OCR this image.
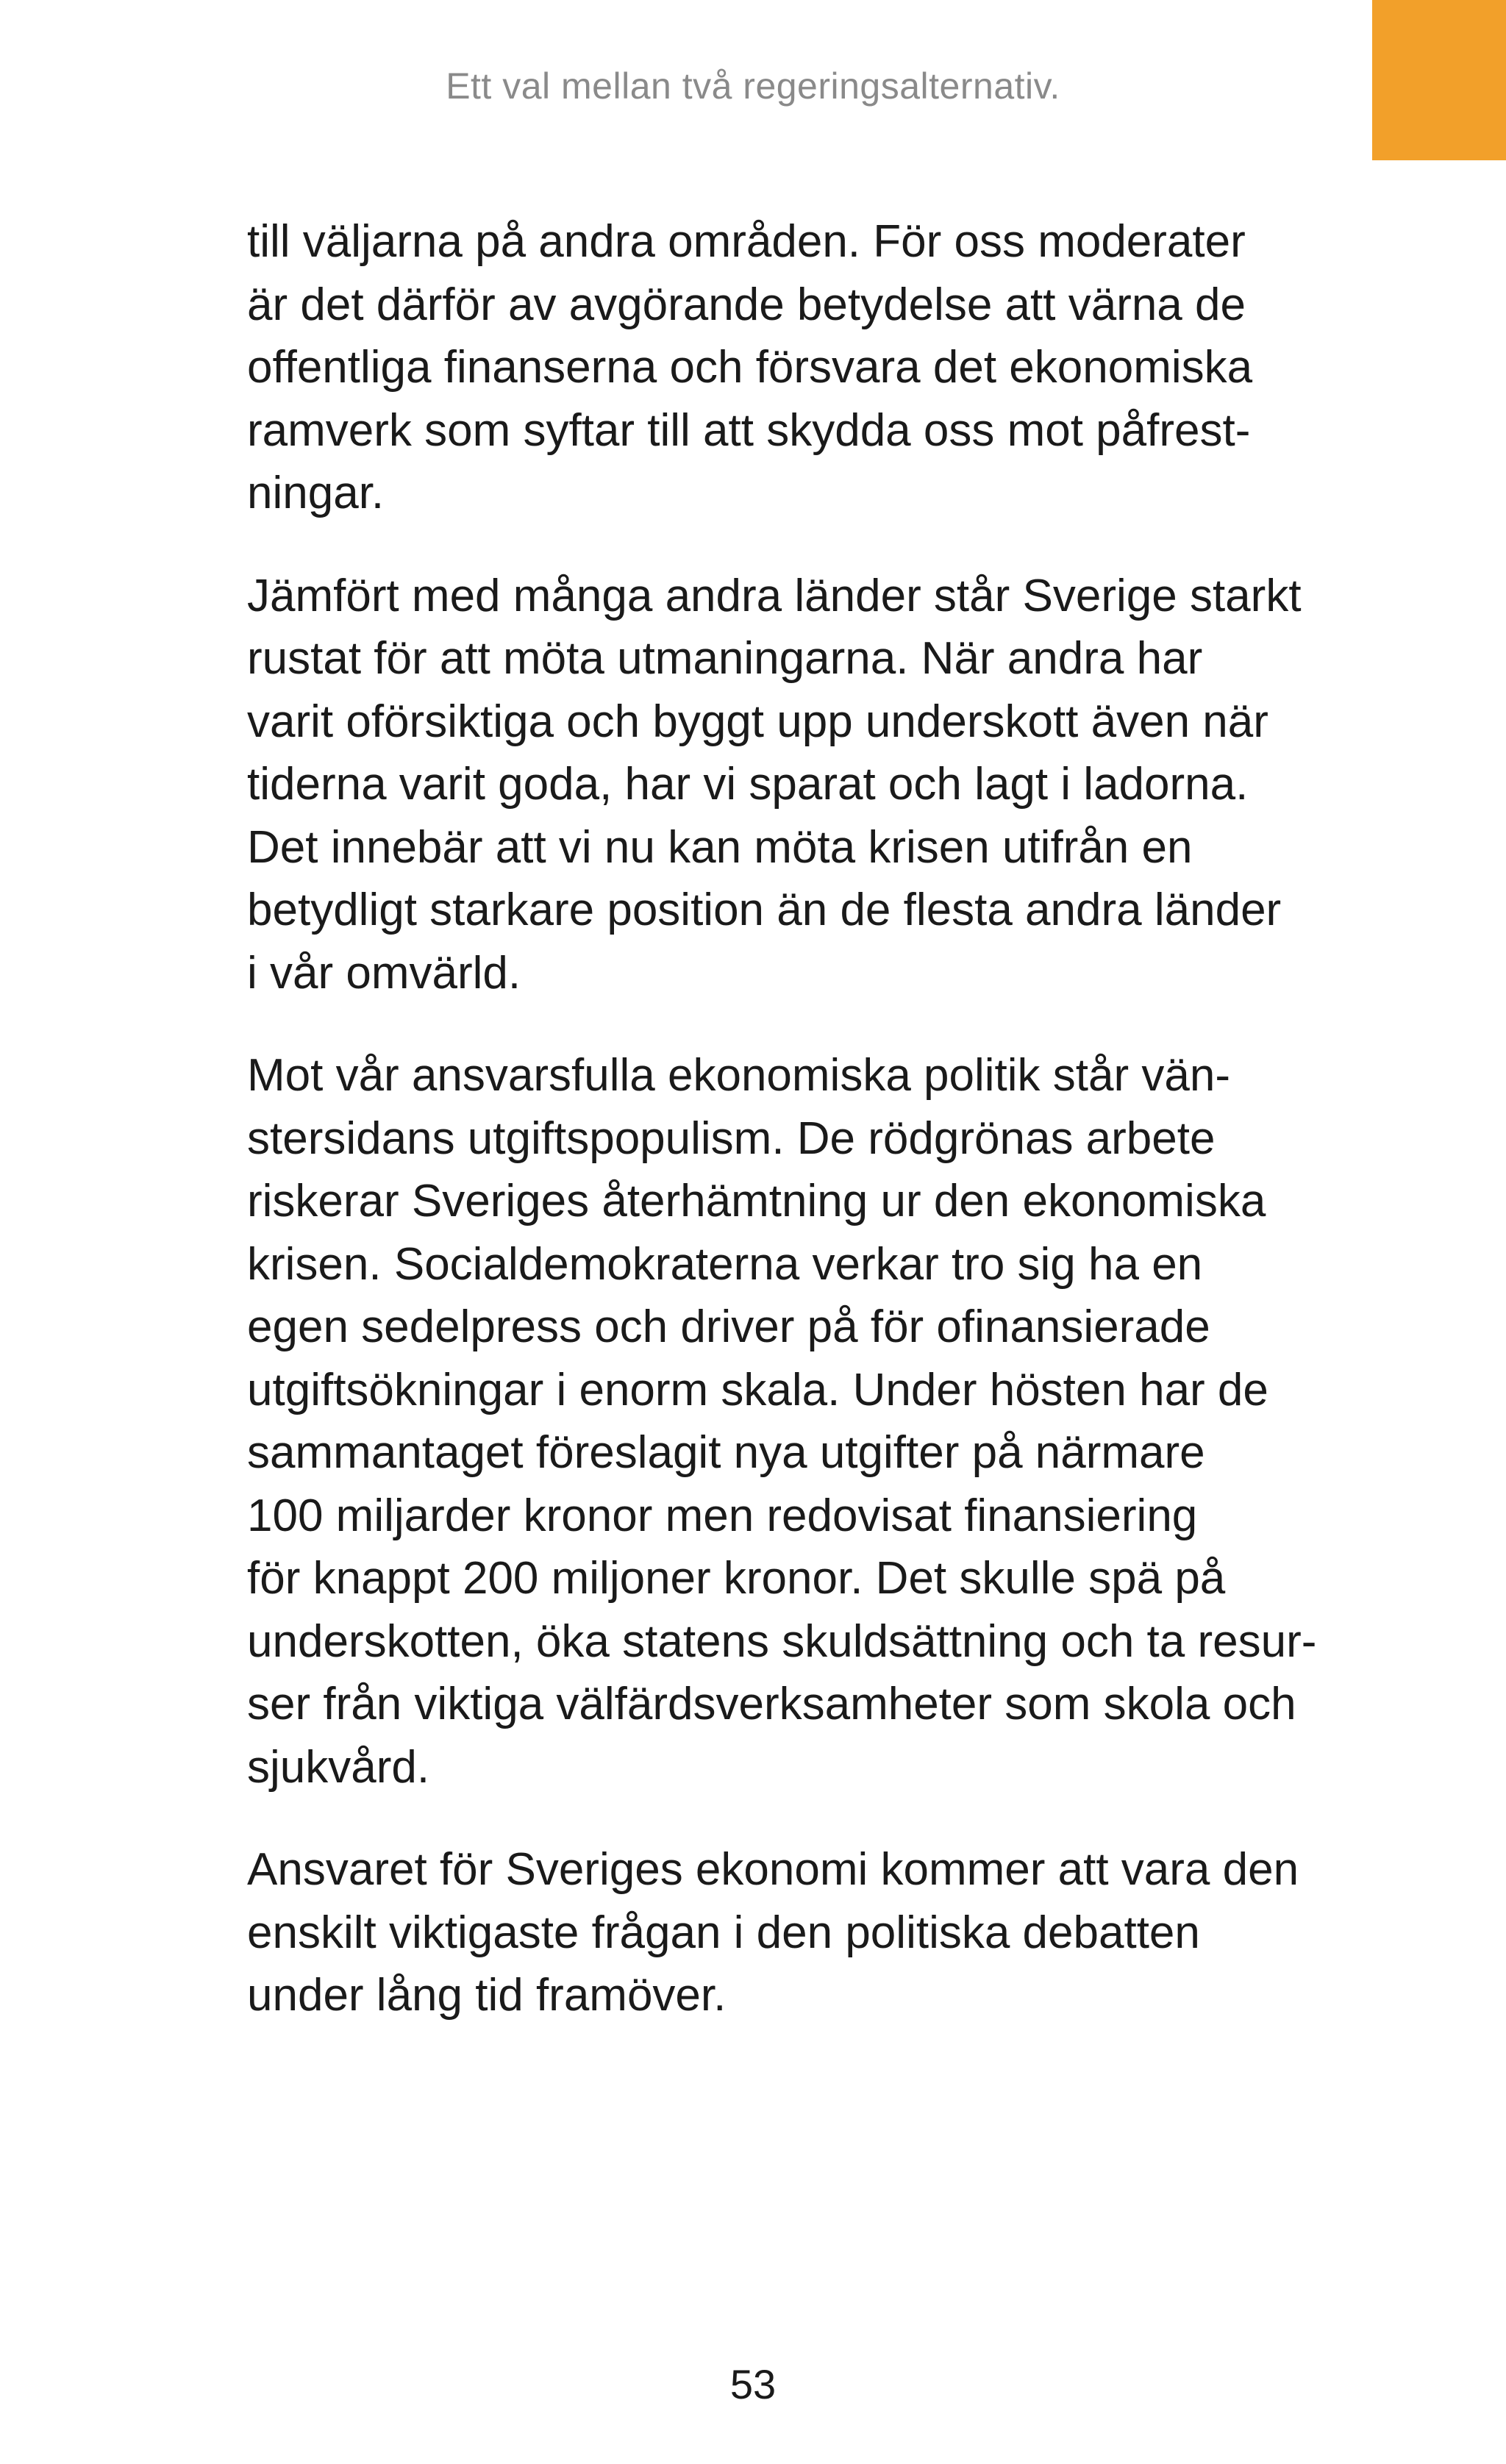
Ett val mellan två regeringsalternativ.

till väljarna på andra områden. För oss moderater
är det därför av avgörande betydelse att värna de
offentliga finanserna och försvara det ekonomiska
ramverk som syftar till att skydda oss mot påfrest-
ningar.

Jämfört med många andra länder står Sverige starkt
rustat för att möta utmaningarna. När andra har
varit oförsiktiga och byggt upp underskott även när
tiderna varit goda, har vi sparat och lagt i ladorna.
Det innebär att vi nu kan möta krisen utifrån en
betydligt starkare position än de flesta andra länder
i vår omvärld.

Mot vår ansvarsfulla ekonomiska politik står vän-
stersidans utgiftspopulism. De rödgrönas arbete
riskerar Sveriges återhämtning ur den ekonomiska
krisen. Socialdemokraterna verkar tro sig ha en
egen sedelpress och driver på för ofinansierade
utgiftsökningar i enorm skala. Under hösten har de
sammantaget föreslagit nya utgifter på närmare
100 miljarder kronor men redovisat finansiering
för knappt 200 miljoner kronor. Det skulle spä på
underskotten, öka statens skuldsättning och ta resur-
ser från viktiga välfärdsverksamheter som skola och
sjukvård.

Ansvaret för Sveriges ekonomi kommer att vara den
enskilt viktigaste frågan i den politiska debatten
under lång tid framöver.

53
